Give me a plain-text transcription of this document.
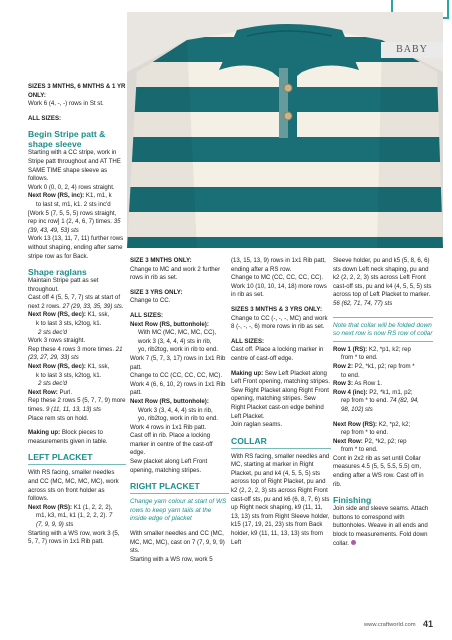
BABY

SIZES 3 MNTHS, 6 MNTHS & 1 YR ONLY:

Work 6 (4, -, -) rows in St st.

ALL SIZES:

Begin Stripe patt & shape sleeve

Starting with a CC stripe, work in Stripe patt throughout and AT THE SAME TIME shape sleeve as follows.

Work 0 (0, 0, 2, 4) rows straight.

Next Row (RS, inc): K1, m1, k

to last st, m1, k1. 2 sts inc'd

[Work 5 (7, 5, 5, 5) rows straight, rep inc row] 1 (2, 4, 6, 7) times. 35 (39, 43, 49, 53) sts

Work 13 (13, 11, 7, 11) further rows without shaping, ending after same stripe row as for Back.

Shape raglans

Maintain Stripe patt as set throughout.

Cast off 4 (5, 5, 7, 7) sts at start of next 2 rows. 27 (29, 33, 35, 39) sts.

Next Row (RS, dec): K1, ssk,

k to last 3 sts, k2tog, k1.

2 sts dec'd

Work 3 rows straight.

Rep these 4 rows 3 more times. 21 (23, 27, 29, 33) sts

Next Row (RS, dec): K1, ssk,

k to last 3 sts, k2tog, k1.

2 sts dec'd

Next Row: Purl.

Rep these 2 rows 5 (5, 7, 7, 9) more times. 9 (11, 11, 13, 13) sts

Place rem sts on hold.

Making up: Block pieces to measurements given in table.

LEFT PLACKET

With RS facing, smaller needles and CC (MC, MC, MC, MC), work across sts on front holder as follows.

Next Row (RS): K1 (1, 2, 2, 2),

m1, k3, m1, k1 (1, 2, 2, 2). 7

(7, 9, 9, 9) sts

Starting with a WS row, work 3 (5, 5, 7, 7) rows in 1x1 Rib patt.

SIZE 3 MNTHS ONLY:

Change to MC and work 2 further rows in rib as set.

SIZE 3 YRS ONLY:

Change to CC.

ALL SIZES:

Next Row (RS, buttonhole):

With MC (MC, MC, MC, CC),

work 3 (3, 4, 4, 4) sts in rib,

yo, rib2tog, work in rib to end.

Work 7 (5, 7, 3, 17) rows in 1x1 Rib patt.

Change to CC (CC, CC, CC, MC).

Work 4 (6, 6, 10, 2) rows in 1x1 Rib patt.

Next Row (RS, buttonhole):

Work 3 (3, 4, 4, 4) sts in rib,

yo, rib2tog, work in rib to end.

Work 4 rows in 1x1 Rib patt.

Cast off in rib. Place a locking marker in centre of the cast-off edge.

Sew placket along Left Front opening, matching stripes.

RIGHT PLACKET

Change yarn colour at start of WS rows to keep yarn tails at the inside edge of placket

With smaller needles and CC (MC, MC, MC, MC), cast on 7 (7, 9, 9, 9) sts.

Starting with a WS row, work 5

(13, 15, 13, 9) rows in 1x1 Rib patt, ending after a RS row.

Change to MC (CC, CC, CC, CC).

Work 10 (10, 10, 14, 18) more rows in rib as set.

SIZES 3 MNTHS & 3 YRS ONLY:

Change to CC (-, -, -, MC) and work 8 (-, -, -, 6) more rows in rib as set.

ALL SIZES:

Cast off. Place a locking marker in centre of cast-off edge.

Making up: Sew Left Placket along Left Front opening, matching stripes. Sew Right Placket along Right Front opening, matching stripes. Sew Right Placket cast-on edge behind Left Placket.

Join raglan seams.

COLLAR

With RS facing, smaller needles and MC, starting at marker in Right Placket, pu and k4 (4, 5, 5, 5) sts across top of Right Placket, pu and k2 (2, 2, 2, 3) sts across Right Front cast-off sts, pu and k6 (6, 8, 7, 6) sts up Right neck shaping, k9 (11, 11, 13, 13) sts from Right Sleeve holder, k15 (17, 19, 21, 23) sts from Back holder, k9 (11, 11, 13, 13) sts from Left

Sleeve holder, pu and k5 (5, 8, 6, 6) sts down Left neck shaping, pu and k2 (2, 2, 2, 3) sts across Left Front cast-off sts, pu and k4 (4, 5, 5, 5) sts across top of Left Placket to marker. 56 (62, 71, 74, 77) sts

Note that collar will be folded down so next row is now RS row of collar

Row 1 (RS): K2, *p1, k2; rep

from * to end.

Row 2: P2, *k1, p2; rep from *

to end.

Row 3: As Row 1.

Row 4 (inc): P2, *k1, m1, p2;

rep from * to end. 74 (82, 94,

98, 102) sts

Next Row (RS): K2, *p2, k2;

rep from * to end.

Next Row: P2, *k2, p2; rep

from * to end.

Cont in 2x2 rib as set until Collar measures 4.5 (5, 5, 5.5, 5.5) cm, ending after a WS row. Cast off in rib.

Finishing

Join side and sleeve seams. Attach buttons to correspond with buttonholes. Weave in all ends and block to measurements. Fold down collar.

www.craftworld.com 41
